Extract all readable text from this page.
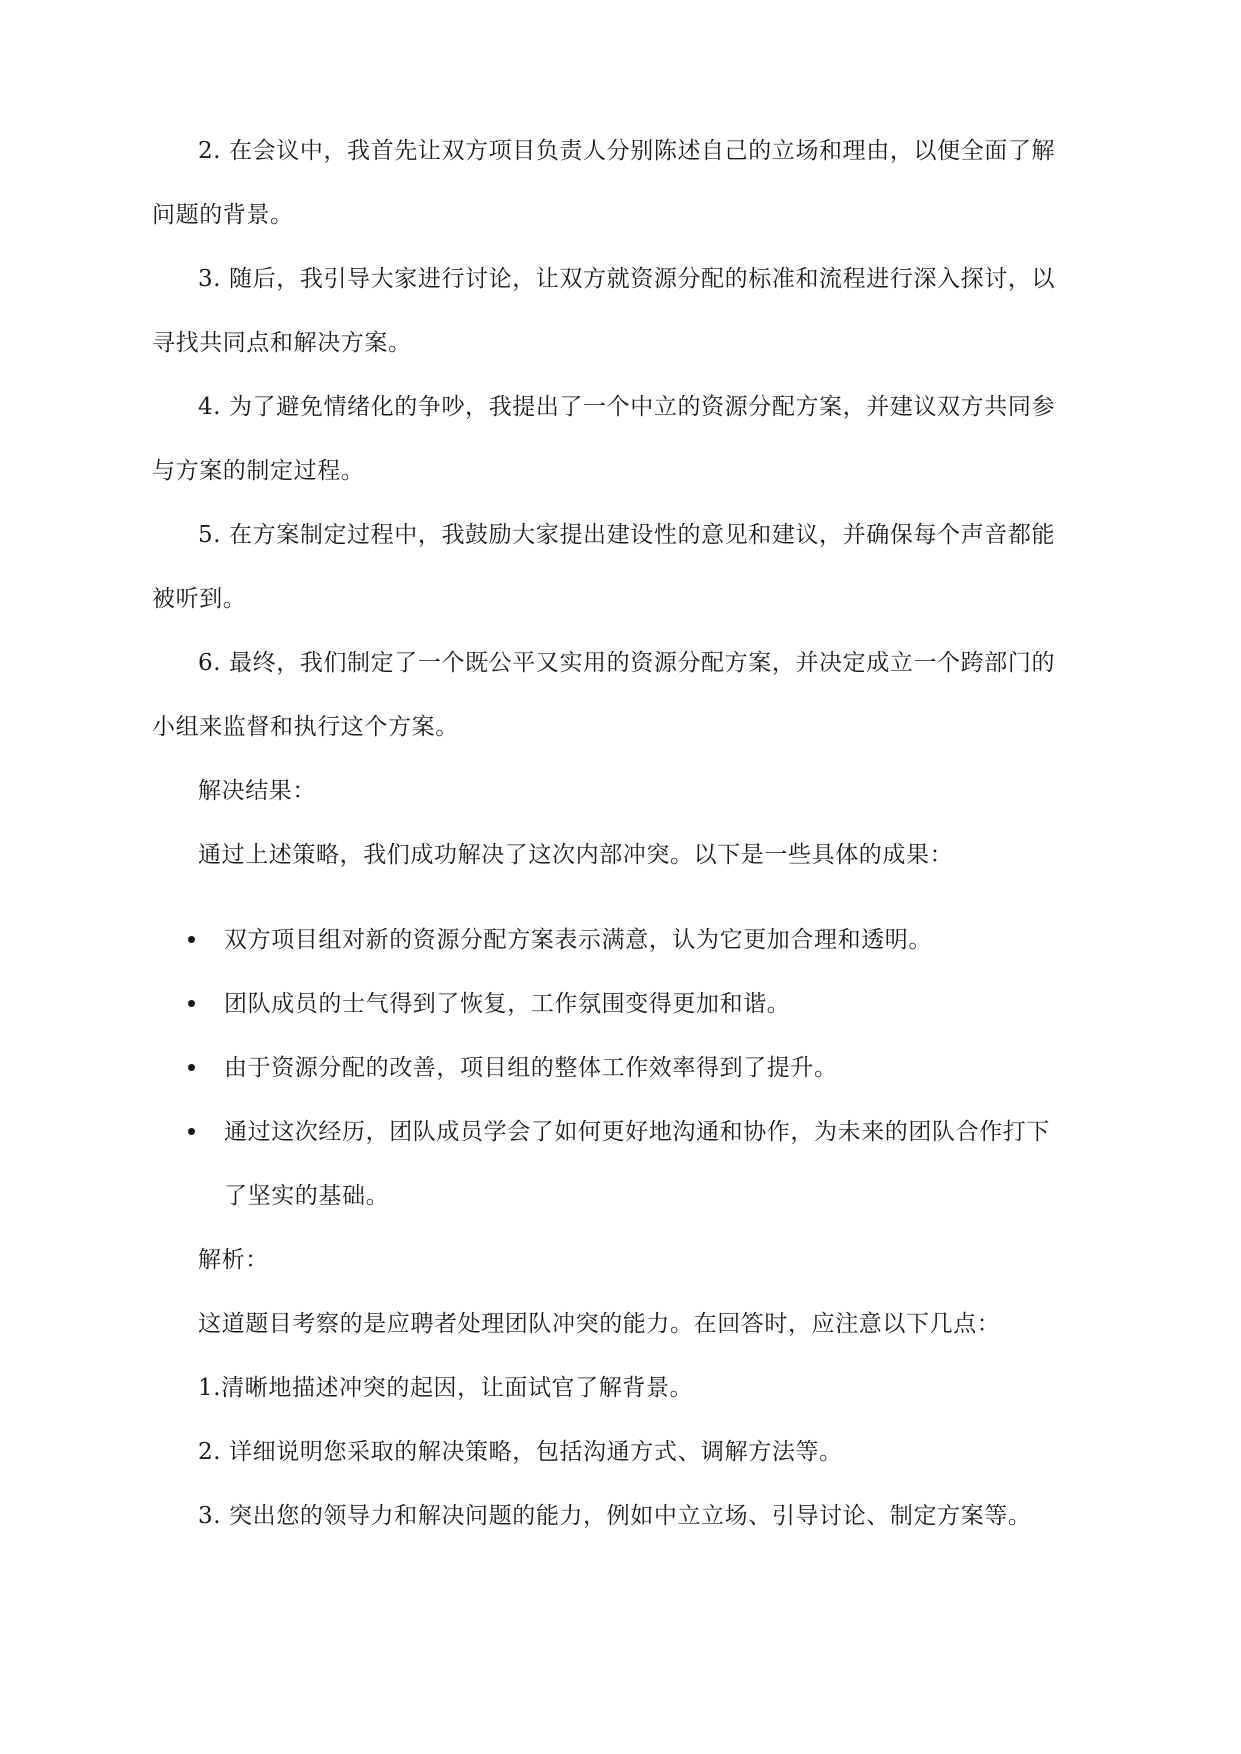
2. 在会议中，我首先让双方项目负责人分别陈述自己的立场和理由，以便全面了解
问题的背景。
3. 随后，我引导大家进行讨论，让双方就资源分配的标准和流程进行深入探讨，以
寻找共同点和解决方案。
4. 为了避免情绪化的争吵，我提出了一个中立的资源分配方案，并建议双方共同参
与方案的制定过程。
5. 在方案制定过程中，我鼓励大家提出建设性的意见和建议，并确保每个声音都能
被听到。
6. 最终，我们制定了一个既公平又实用的资源分配方案，并决定成立一个跨部门的
小组来监督和执行这个方案。
解决结果：
通过上述策略，我们成功解决了这次内部冲突。以下是一些具体的成果：
双方项目组对新的资源分配方案表示满意，认为它更加合理和透明。
团队成员的士气得到了恢复，工作氛围变得更加和谐。
由于资源分配的改善，项目组的整体工作效率得到了提升。
通过这次经历，团队成员学会了如何更好地沟通和协作，为未来的团队合作打下
了坚实的基础。
解析：
这道题目考察的是应聘者处理团队冲突的能力。在回答时，应注意以下几点：
1.清晰地描述冲突的起因，让面试官了解背景。
2. 详细说明您采取的解决策略，包括沟通方式、调解方法等。
3. 突出您的领导力和解决问题的能力，例如中立立场、引导讨论、制定方案等。
